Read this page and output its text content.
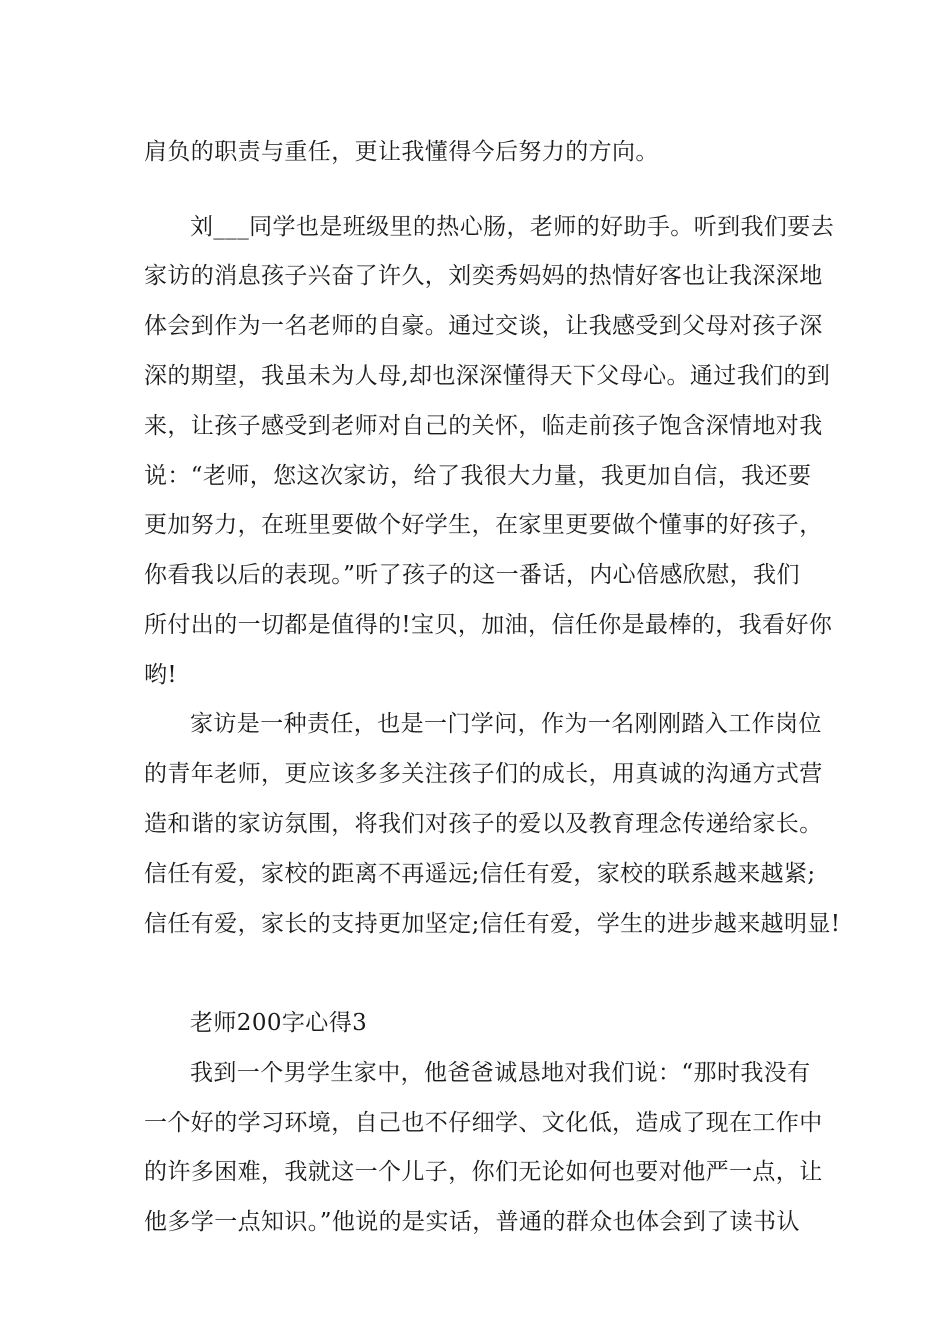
肩负的职责与重任，更让我懂得今后努力的方向。
刘___同学也是班级里的热心肠，老师的好助手。听到我们要去
家访的消息孩子兴奋了许久，刘奕秀妈妈的热情好客也让我深深地
体会到作为一名老师的自豪。通过交谈，让我感受到父母对孩子深
深的期望，我虽未为人母,却也深深懂得天下父母心。通过我们的到
来，让孩子感受到老师对自己的关怀，临走前孩子饱含深情地对我
说：“老师，您这次家访，给了我很大力量，我更加自信，我还要
更加努力，在班里要做个好学生，在家里更要做个懂事的好孩子，
你看我以后的表现。”听了孩子的这一番话，内心倍感欣慰，我们
所付出的一切都是值得的!宝贝，加油，信任你是最棒的，我看好你
哟!
家访是一种责任，也是一门学问，作为一名刚刚踏入工作岗位
的青年老师，更应该多多关注孩子们的成长，用真诚的沟通方式营
造和谐的家访氛围，将我们对孩子的爱以及教育理念传递给家长。
信任有爱，家校的距离不再遥远;信任有爱，家校的联系越来越紧;
信任有爱，家长的支持更加坚定;信任有爱，学生的进步越来越明显!
老师200字心得3
我到一个男学生家中，他爸爸诚恳地对我们说：“那时我没有
一个好的学习环境，自己也不仔细学、文化低，造成了现在工作中
的许多困难，我就这一个儿子，你们无论如何也要对他严一点，让
他多学一点知识。”他说的是实话，普通的群众也体会到了读书认
